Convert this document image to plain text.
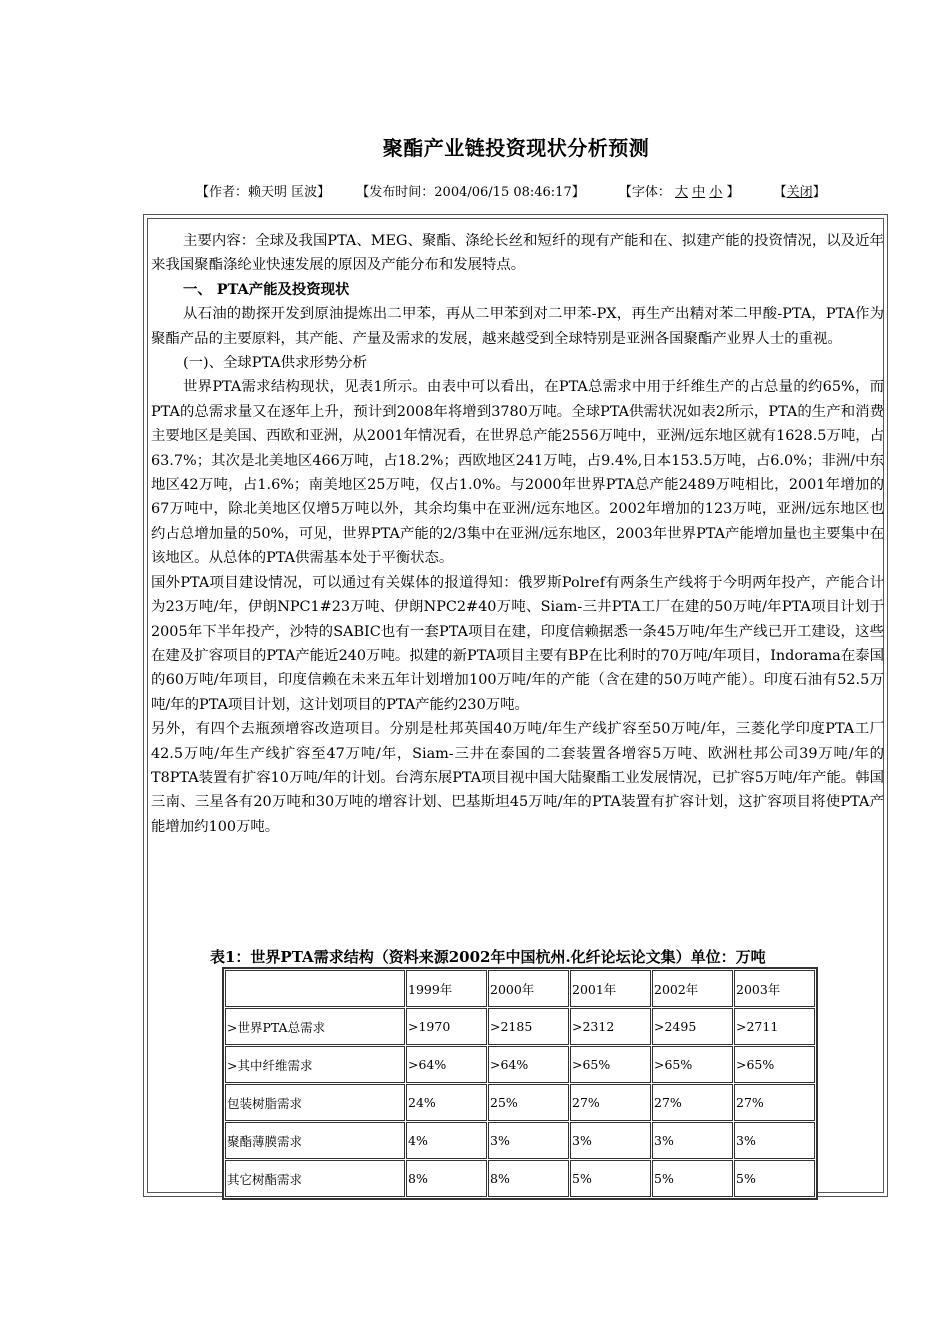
聚酯产业链投资现状分析预测
【作者：赖天明 匡波】 【发布时间：2004/06/15 08:46:17】	【字体： 大 中 小 】	【关闭】

主要内容：全球及我国PTA、MEG、聚酯、涤纶长丝和短纤的现有产能和在、拟建产能的投资情况，以及近年来我国聚酯涤纶业快速发展的原因及产能分布和发展特点。

一、 PTA产能及投资现状

从石油的勘探开发到原油提炼出二甲苯，再从二甲苯到对二甲苯-PX，再生产出精对苯二甲酸-PTA，PTA作为聚酯产品的主要原料，其产能、产量及需求的发展，越来越受到全球特别是亚洲各国聚酯产业界人士的重视。

(一)、全球PTA供求形势分析

世界PTA需求结构现状，见表1所示。由表中可以看出，在PTA总需求中用于纤维生产的占总量的约65%，而PTA的总需求量又在逐年上升，预计到2008年将增到3780万吨。全球PTA供需状况如表2所示，PTA的生产和消费主要地区是美国、西欧和亚洲，从2001年情况看，在世界总产能2556万吨中，亚洲/远东地区就有1628.5万吨，占63.7%；其次是北美地区466万吨，占18.2%；西欧地区241万吨，占9.4%,日本153.5万吨，占6.0%；非洲/中东地区42万吨，占1.6%；南美地区25万吨，仅占1.0%。与2000年世界PTA总产能2489万吨相比，2001年增加的67万吨中，除北美地区仅增5万吨以外，其余均集中在亚洲/远东地区。2002年增加的123万吨，亚洲/远东地区也约占总增加量的50%，可见，世界PTA产能的2/3集中在亚洲/远东地区，2003年世界PTA产能增加量也主要集中在该地区。从总体的PTA供需基本处于平衡状态。

国外PTA项目建设情况，可以通过有关媒体的报道得知：俄罗斯Polref有两条生产线将于今明两年投产，产能合计为23万吨/年，伊朗NPC1#23万吨、伊朗NPC2#40万吨、Siam-三井PTA工厂在建的50万吨/年PTA项目计划于2005年下半年投产，沙特的SABIC也有一套PTA项目在建，印度信赖据悉一条45万吨/年生产线已开工建设，这些在建及扩容项目的PTA产能近240万吨。拟建的新PTA项目主要有BP在比利时的70万吨/年项目，Indorama在泰国的60万吨/年项目，印度信赖在未来五年计划增加100万吨/年的产能（含在建的50万吨产能）。印度石油有52.5万吨/年的PTA项目计划，这计划项目的PTA产能约230万吨。

另外，有四个去瓶颈增容改造项目。分别是杜邦英国40万吨/年生产线扩容至50万吨/年，三菱化学印度PTA工厂42.5万吨/年生产线扩容至47万吨/年，Siam-三井在泰国的二套装置各增容5万吨、欧洲杜邦公司39万吨/年的T8PTA装置有扩容10万吨/年的计划。台湾东展PTA项目视中国大陆聚酯工业发展情况，已扩容5万吨/年产能。韩国三南、三星各有20万吨和30万吨的增容计划、巴基斯坦45万吨/年的PTA装置有扩容计划，这扩容项目将使PTA产能增加约100万吨。

表1：世界PTA需求结构（资料来源2002年中国杭州.化纤论坛论文集）单位：万吨
	1999年	2000年	2001年	2002年	2003年
>世界PTA总需求	>1970	>2185	>2312	>2495	>2711
>其中纤维需求	>64%	>64%	>65%	>65%	>65%
包装树脂需求	24%	25%	27%	27%	27%
聚酯薄膜需求	4%	3%	3%	3%	3%
其它树酯需求	8%	8%	5%	5%	5%
